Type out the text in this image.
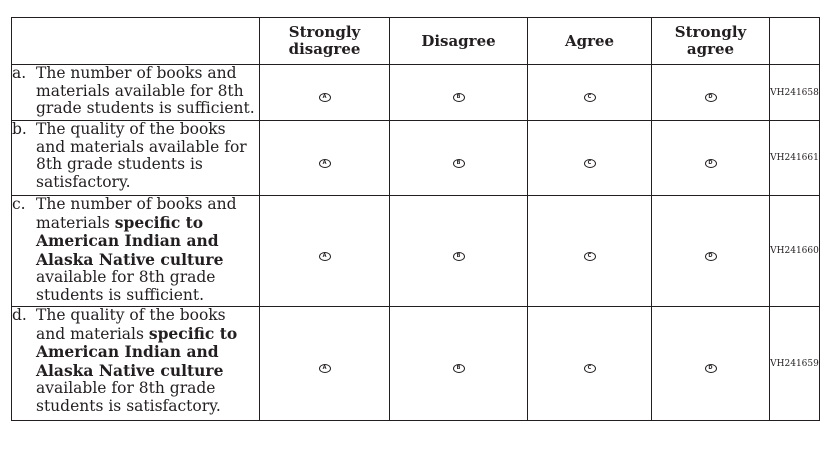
	Strongly disagree	Disagree	Agree	Strongly agree	

a. The number of books and materials available for 8th grade students is sufficient.	A	B	C	D	VH241658

b. The quality of the books and materials available for 8th grade students is satisfactory.	A	B	C	D	VH241661

c. The number of books and materials specific to American Indian and Alaska Native culture available for 8th grade students is sufficient.	A	B	C	D	VH241660

d. The quality of the books and materials specific to American Indian and Alaska Native culture available for 8th grade students is satisfactory.	A	B	C	D	VH241659
